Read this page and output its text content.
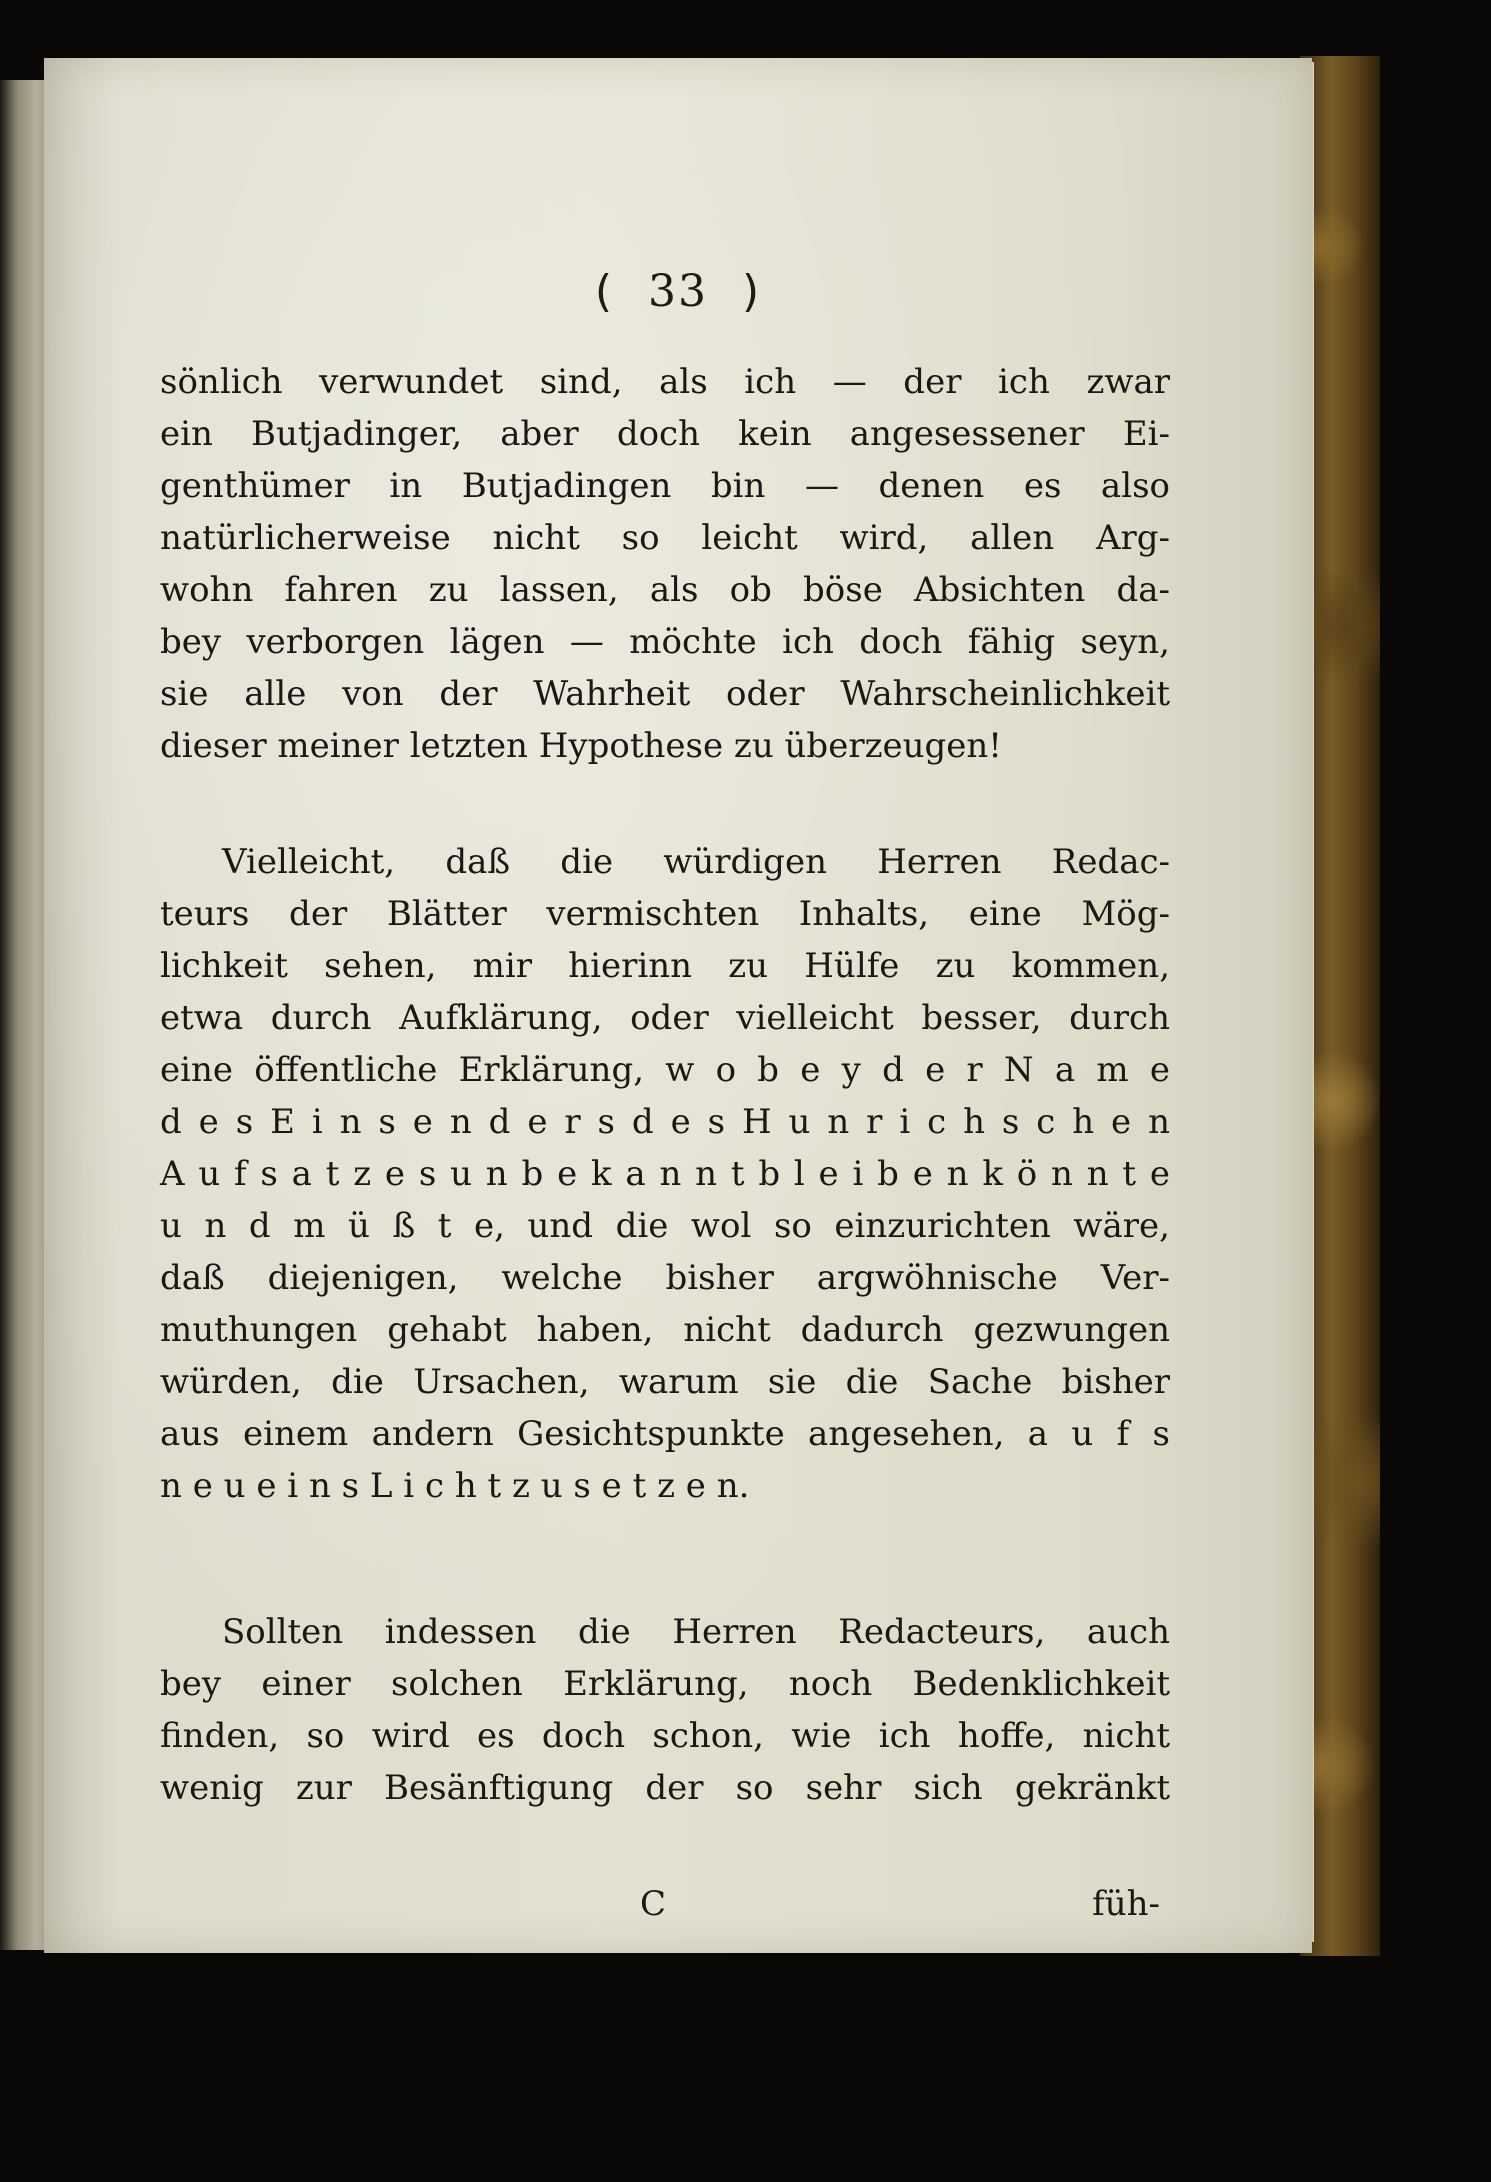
( 33 )
sönlich verwundet sind, als ich — der ich zwar
ein Butjadinger, aber doch kein angesessener Ei-
genthümer in Butjadingen bin — denen es also
natürlicherweise nicht so leicht wird, allen Arg-
wohn fahren zu lassen, als ob böse Absichten da-
bey verborgen lägen — möchte ich doch fähig seyn,
sie alle von der Wahrheit oder Wahrscheinlichkeit
dieser meiner letzten Hypothese zu überzeugen!
Vielleicht, daß die würdigen Herren Redac-
teurs der Blätter vermischten Inhalts, eine Mög-
lichkeit sehen, mir hierinn zu Hülfe zu kommen,
etwa durch Aufklärung, oder vielleicht besser, durch
eine öffentliche Erklärung, w o b e y d e r N a m e
d e s E i n s e n d e r s d e s H u n r i c h s c h e n
A u f s a t z e s u n b e k a n n t b l e i b e n k ö n n t e
u n d m ü ß t e, und die wol so einzurichten wäre,
daß diejenigen, welche bisher argwöhnische Ver-
muthungen gehabt haben, nicht dadurch gezwungen
würden, die Ursachen, warum sie die Sache bisher
aus einem andern Gesichtspunkte angesehen, a u f s
n e u e i n s L i c h t z u s e t z e n.
Sollten indessen die Herren Redacteurs, auch
bey einer solchen Erklärung, noch Bedenklichkeit
finden, so wird es doch schon, wie ich hoffe, nicht
wenig zur Besänftigung der so sehr sich gekränkt
C	füh-
